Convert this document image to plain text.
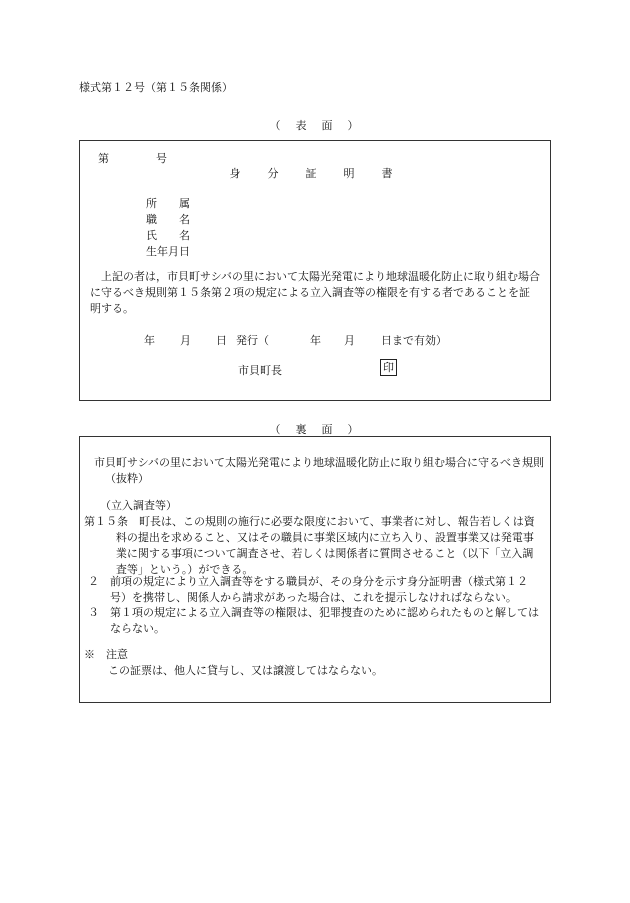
様式第１２号（第１５条関係）
（　表　面　）
第	号
身　分　証　明　書
所　　属
職　　名
氏　　名
生年月日
上記の者は，市貝町サシバの里において太陽光発電により地球温暖化防止に取り組む場合に守るべき規則第１５条第２項の規定による立入調査等の権限を有する者であることを証明する。
年 月 日 発行（	年 月 日まで有効）
市貝町長	印
（　裏　面　）
市貝町サシバの里において太陽光発電により地球温暖化防止に取り組む場合に守るべき規則（抜粋）
（立入調査等）
第１５条　町長は、この規則の施行に必要な限度において、事業者に対し、報告若しくは資料の提出を求めること、又はその職員に事業区域内に立ち入り、設置事業又は発電事業に関する事項について調査させ、若しくは関係者に質問させること（以下「立入調査等」という。）ができる。
２　前項の規定により立入調査等をする職員が、その身分を示す身分証明書（様式第１２号）を携帯し、関係人から請求があった場合は、これを提示しなければならない。
３　第１項の規定による立入調査等の権限は、犯罪捜査のために認められたものと解してはならない。
※　注意
この証票は、他人に貸与し、又は譲渡してはならない。
